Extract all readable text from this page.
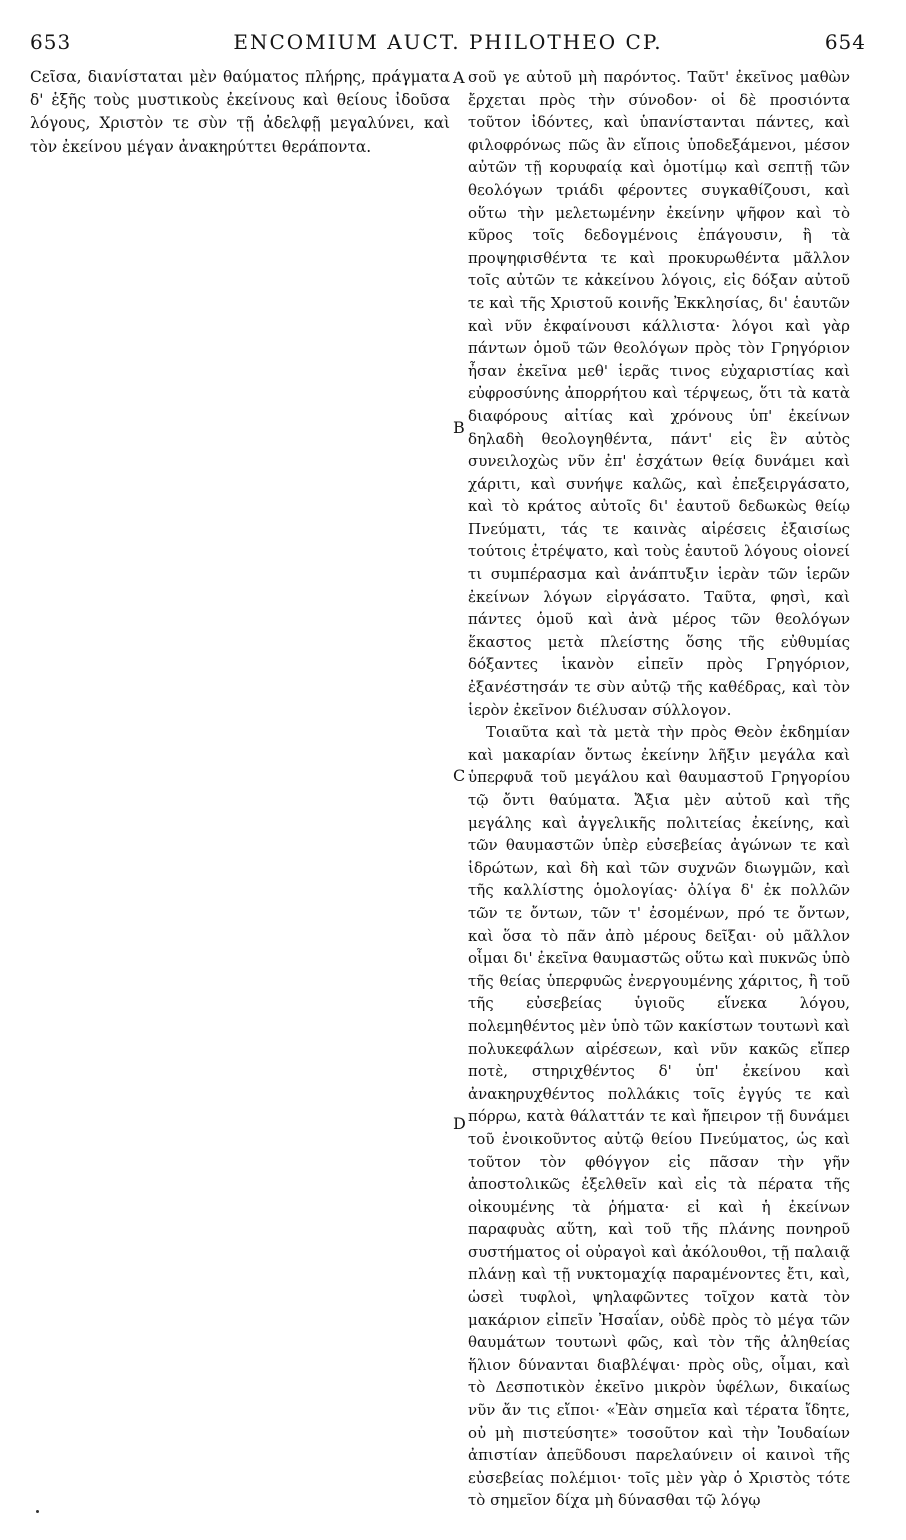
653	ENCOMIUM AUCT. PHILOTHEO CP.	654

Cεῖσα, διανίσταται μὲν θαύματος πλήρης, πράγματα δ' ἑξῆς τοὺς μυστικοὺς ἐκείνους καὶ θείους ἰδοῦσα λόγους, Χριστὸν τε σὺν τῇ ἀδελφῇ μεγαλύνει, καὶ τὸν ἐκείνου μέγαν ἀνακηρύττει θεράποντα.

A
B
C
D

σοῦ γε αὐτοῦ μὴ παρόντος. Ταῦτ' ἐκεῖνος μαθὼν ἔρχεται πρὸς τὴν σύνοδον· οἱ δὲ προσιόντα τοῦτον ἰδόντες, καὶ ὑπανίστανται πάντες, καὶ φιλοφρόνως πῶς ἂν εἴποις ὑποδεξάμενοι, μέσον αὐτῶν τῇ κορυφαίᾳ καὶ ὁμοτίμῳ καὶ σεπτῇ τῶν θεολόγων τριάδι φέροντες συγκαθίζουσι, καὶ οὕτω τὴν μελετωμένην ἐκείνην ψῆφον καὶ τὸ κῦρος τοῖς δεδογμένοις ἐπάγουσιν, ἢ τὰ προψηφισθέντα τε καὶ προκυρωθέντα μᾶλλον τοῖς αὐτῶν τε κἀκείνου λόγοις, εἰς δόξαν αὐτοῦ τε καὶ τῆς Χριστοῦ κοινῆς Ἐκκλησίας, δι' ἑαυτῶν καὶ νῦν ἐκφαίνουσι κάλλιστα· λόγοι καὶ γὰρ πάντων ὁμοῦ τῶν θεολόγων πρὸς τὸν Γρηγόριον ἦσαν ἐκεῖνα μεθ' ἱερᾶς τινος εὐχαριστίας καὶ εὐφροσύνης ἀπορρήτου καὶ τέρψεως, ὅτι τὰ κατὰ διαφόρους αἰτίας καὶ χρόνους ὑπ' ἐκείνων δηλαδὴ θεολογηθέντα, πάντ' εἰς ἓν αὐτὸς συνειλοχὼς νῦν ἐπ' ἐσχάτων θείᾳ δυνάμει καὶ χάριτι, καὶ συνήψε καλῶς, καὶ ἐπεξειργάσατο, καὶ τὸ κράτος αὐτοῖς δι' ἑαυτοῦ δεδωκὼς θείῳ Πνεύματι, τάς τε καινὰς αἱρέσεις ἐξαισίως τούτοις ἐτρέψατο, καὶ τοὺς ἑαυτοῦ λόγους οἱονεί τι συμπέρασμα καὶ ἀνάπτυξιν ἱερὰν τῶν ἱερῶν ἐκείνων λόγων εἰργάσατο. Ταῦτα, φησὶ, καὶ πάντες ὁμοῦ καὶ ἀνὰ μέρος τῶν θεολόγων ἕκαστος μετὰ πλείστης ὅσης τῆς εὐθυμίας δόξαντες ἱκανὸν εἰπεῖν πρὸς Γρηγόριον, ἐξανέστησάν τε σὺν αὐτῷ τῆς καθέδρας, καὶ τὸν ἱερὸν ἐκεῖνον διέλυσαν σύλλογον.

Τοιαῦτα καὶ τὰ μετὰ τὴν πρὸς Θεὸν ἐκδημίαν καὶ μακαρίαν ὄντως ἐκείνην λῆξιν μεγάλα καὶ ὑπερφυᾶ τοῦ μεγάλου καὶ θαυμαστοῦ Γρηγορίου τῷ ὄντι θαύματα. Ἄξια μὲν αὐτοῦ καὶ τῆς μεγάλης καὶ ἀγγελικῆς πολιτείας ἐκείνης, καὶ τῶν θαυμαστῶν ὑπὲρ εὐσεβείας ἀγώνων τε καὶ ἱδρώτων, καὶ δὴ καὶ τῶν συχνῶν διωγμῶν, καὶ τῆς καλλίστης ὁμολογίας· ὀλίγα δ' ἐκ πολλῶν τῶν τε ὄντων, τῶν τ' ἐσομένων, πρό τε ὄντων, καὶ ὅσα τὸ πᾶν ἀπὸ μέρους δεῖξαι· οὐ μᾶλλον οἶμαι δι' ἐκεῖνα θαυμαστῶς οὕτω καὶ πυκνῶς ὑπὸ τῆς θείας ὑπερφυῶς ἐνεργουμένης χάριτος, ἢ τοῦ τῆς εὐσεβείας ὑγιοῦς εἵνεκα λόγου, πολεμηθέντος μὲν ὑπὸ τῶν κακίστων τουτωνὶ καὶ πολυκεφάλων αἱρέσεων, καὶ νῦν κακῶς εἴπερ ποτὲ, στηριχθέντος δ' ὑπ' ἐκείνου καὶ ἀνακηρυχθέντος πολλάκις τοῖς ἐγγύς τε καὶ πόρρω, κατὰ θάλαττάν τε καὶ ἤπειρον τῇ δυνάμει τοῦ ἐνοικοῦντος αὐτῷ θείου Πνεύματος, ὡς καὶ τοῦτον τὸν φθόγγον εἰς πᾶσαν τὴν γῆν ἀποστολικῶς ἐξελθεῖν καὶ εἰς τὰ πέρατα τῆς οἰκουμένης τὰ ῥήματα· εἰ καὶ ἡ ἐκείνων παραφυὰς αὕτη, καὶ τοῦ τῆς πλάνης πονηροῦ συστήματος οἱ οὐραγοὶ καὶ ἀκόλουθοι, τῇ παλαιᾷ πλάνῃ καὶ τῇ νυκτομαχίᾳ παραμένοντες ἔτι, καὶ, ὡσεὶ τυφλοὶ, ψηλαφῶντες τοῖχον κατὰ τὸν μακάριον εἰπεῖν Ἠσαΐαν, οὐδὲ πρὸς τὸ μέγα τῶν θαυμάτων τουτωνὶ φῶς, καὶ τὸν τῆς ἀληθείας ἥλιον δύνανται διαβλέψαι· πρὸς οὓς, οἶμαι, καὶ τὸ Δεσποτικὸν ἐκεῖνο μικρὸν ὑφέλων, δικαίως νῦν ἄν τις εἴποι· «Ἐὰν σημεῖα καὶ τέρατα ἴδητε, οὐ μὴ πιστεύσητε» τοσοῦτον καὶ τὴν Ἰουδαίων ἀπιστίαν ἀπεῦδουσι παρελαύνειν οἱ καινοὶ τῆς εὐσεβείας πολέμιοι· τοῖς μὲν γὰρ ὁ Χριστὸς τότε τὸ σημεῖον δίχα μὴ δύνασθαι τῷ λόγῳ
